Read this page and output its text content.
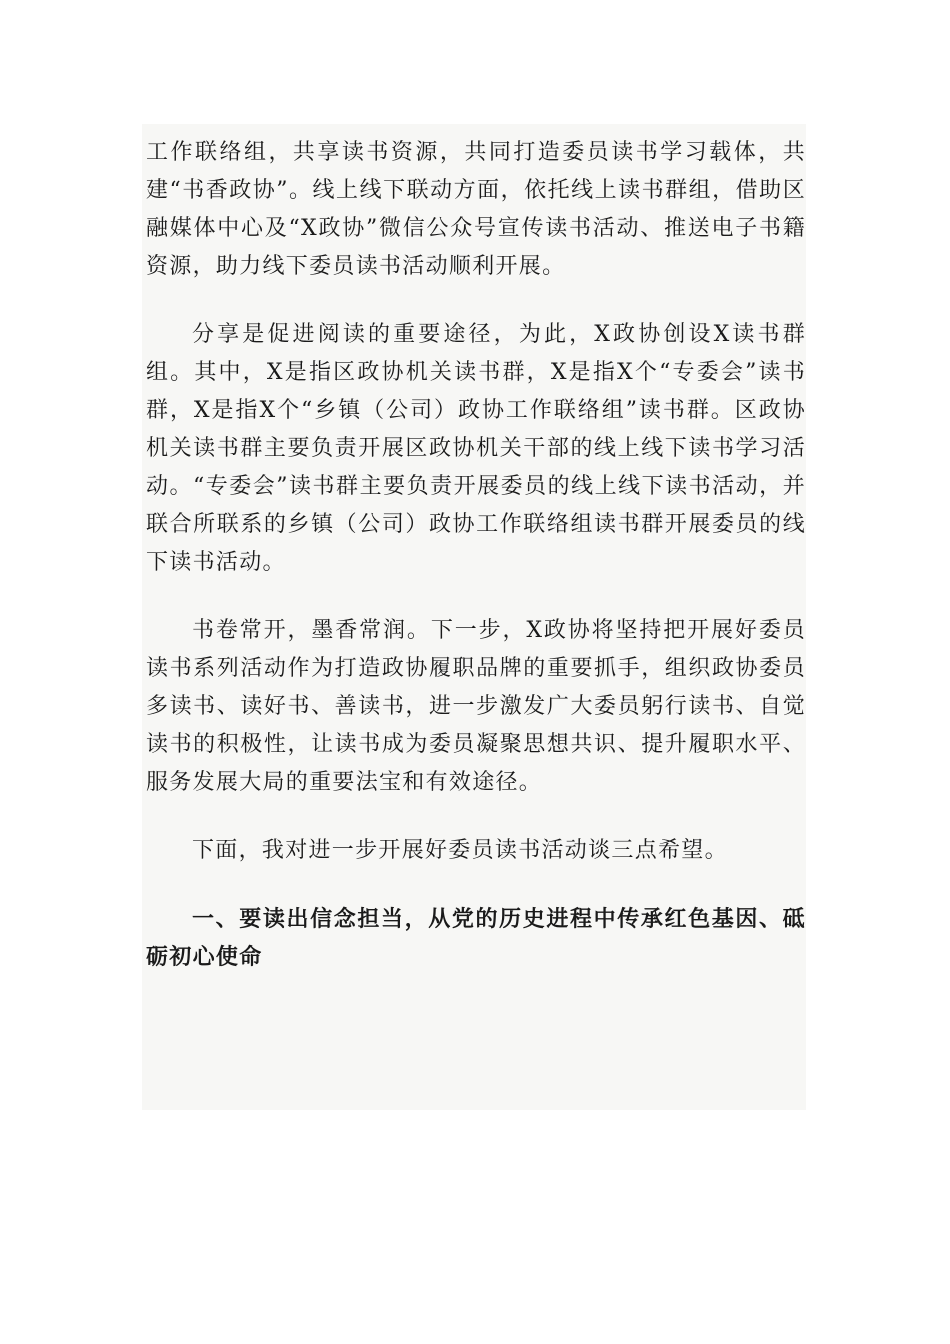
工作联络组，共享读书资源，共同打造委员读书学习载体，共建“书香政协”。线上线下联动方面，依托线上读书群组，借助区融媒体中心及“X政协”微信公众号宣传读书活动、推送电子书籍资源，助力线下委员读书活动顺利开展。

分享是促进阅读的重要途径，为此，X政协创设X读书群组。其中，X是指区政协机关读书群，X是指X个“专委会”读书群，X是指X个“乡镇（公司）政协工作联络组”读书群。区政协机关读书群主要负责开展区政协机关干部的线上线下读书学习活动。“专委会”读书群主要负责开展委员的线上线下读书活动，并联合所联系的乡镇（公司）政协工作联络组读书群开展委员的线下读书活动。

书卷常开，墨香常润。下一步，X政协将坚持把开展好委员读书系列活动作为打造政协履职品牌的重要抓手，组织政协委员多读书、读好书、善读书，进一步激发广大委员躬行读书、自觉读书的积极性，让读书成为委员凝聚思想共识、提升履职水平、服务发展大局的重要法宝和有效途径。

下面，我对进一步开展好委员读书活动谈三点希望。

一、要读出信念担当，从党的历史进程中传承红色基因、砥砺初心使命
